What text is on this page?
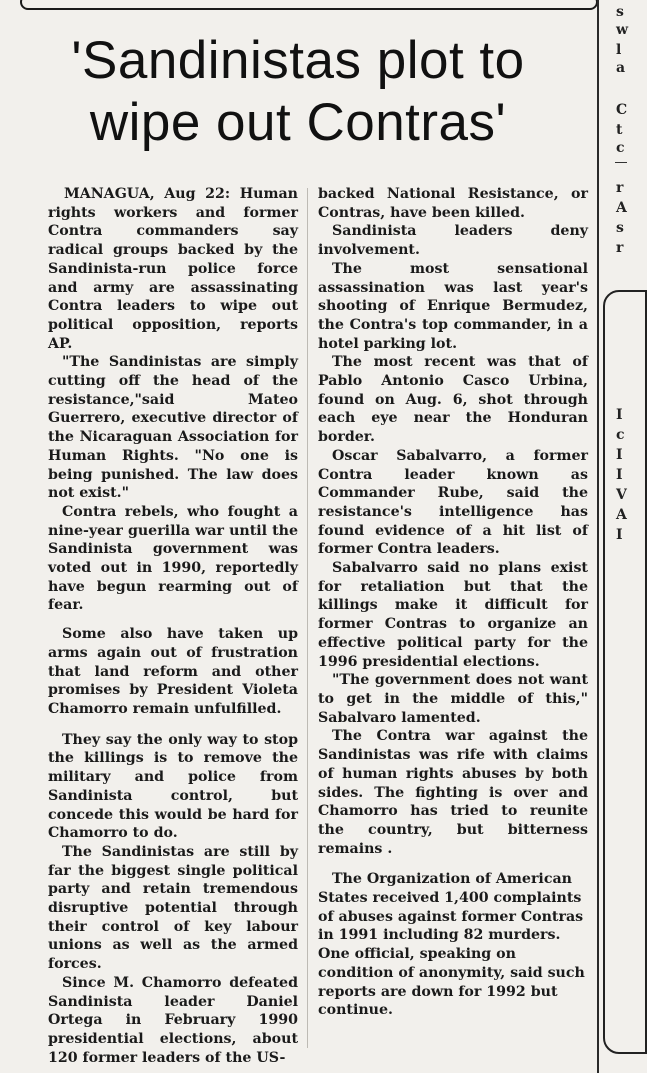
'Sandinistas plot to
wipe out Contras'

MANAGUA, Aug 22: Human rights workers and former Contra commanders say radical groups backed by the Sandinista-run police force and army are assassinating Contra leaders to wipe out political opposition, reports AP.

"The Sandinistas are simply cutting off the head of the resistance,"said Mateo Guerrero, executive director of the Nicaraguan Association for Human Rights. "No one is being punished. The law does not exist."

Contra rebels, who fought a nine-year guerilla war until the Sandinista government was voted out in 1990, reportedly have begun rearming out of fear.

Some also have taken up arms again out of frustration that land reform and other promises by President Violeta Chamorro remain unfulfilled.

They say the only way to stop the killings is to remove the military and police from Sandinista control, but concede this would be hard for Chamorro to do.

The Sandinistas are still by far the biggest single political party and retain tremendous disruptive potential through their control of key labour unions as well as the armed forces.

Since M. Chamorro defeated Sandinista leader Daniel Ortega in February 1990 presidential elections, about 120 former leaders of the US-

backed National Resistance, or Contras, have been killed.

Sandinista leaders deny involvement.

The most sensational assassination was last year's shooting of Enrique Bermudez, the Contra's top commander, in a hotel parking lot.

The most recent was that of Pablo Antonio Casco Urbina, found on Aug. 6, shot through each eye near the Honduran border.

Oscar Sabalvarro, a former Contra leader known as Commander Rube, said the resistance's intelligence has found evidence of a hit list of former Contra leaders.

Sabalvarro said no plans exist for retaliation but that the killings make it difficult for former Contras to organize an effective political party for the 1996 presidential elections.

"The government does not want to get in the middle of this," Sabalvaro lamented.

The Contra war against the Sandinistas was rife with claims of human rights abuses by both sides. The fighting is over and Chamorro has tried to reunite the country, but bitterness remains .

The Organization of American States received 1,400 complaints of abuses against former Contras in 1991 including 82 murders. One official, speaking on condition of anonymity, said such reports are down for 1992 but continue.

s
w
l
a
C
t
c
r
A
s
r
I
c
I
I
V
A
I
